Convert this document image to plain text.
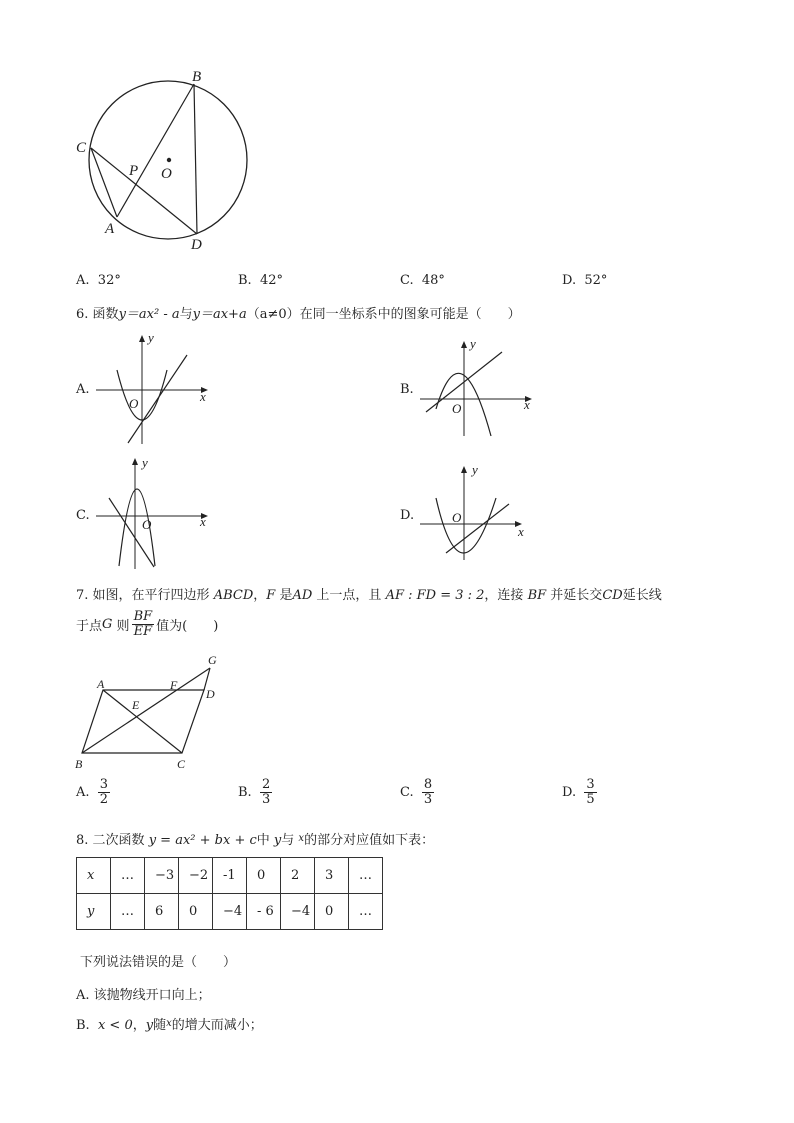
B
C
P O
A
D
A. 32°	B. 42°	C. 48°	D. 52°
6. 函数y＝ax² - a与y＝ax+a（a≠0）在同一坐标系中的图象可能是（　　）
A.	x
y
O
B.
x
y
O
C.	x
y
O
D.
x
y
O
7. 如图，在平行四边形 ABCD，F 是AD 上一点，且 AF : FD = 3 : 2，连接 BF 并延长交CD延长线
于点 G
则 $\frac{BF}{EF}$ 值为(　　)
A	F
D
G
E
B	C
A.
$\frac{3}{2}$	B.
$\frac{2}{3}$	C.
$\frac{8}{3}$	D.
$\frac{3}{5}$
8. 二次函数 y = ax² + bx + c中 y与 $^x$的部分对应值如下表：
x	…	−3	−2	-1	0	2	3	…
y	…	6	0	−4	- 6	−4	0	…
下列说法错误的是（　　）
A. 该抛物线开口向上；
B. x < 0，y随$^x$的增大而减小；
